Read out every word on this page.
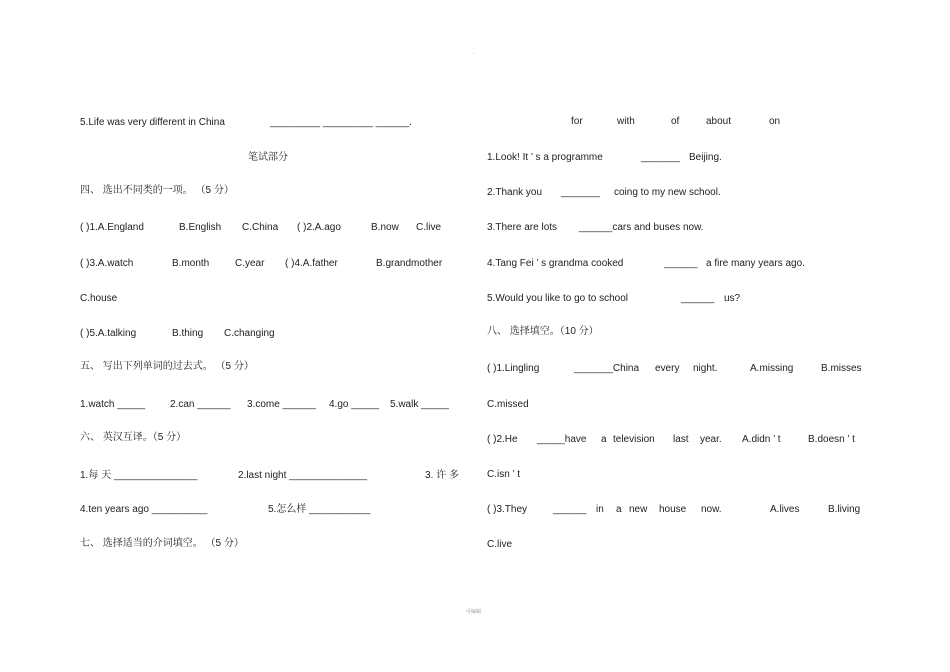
.
5.Life was very different in China	_________ _________ ______.
笔试部分
四、 选出不同类的一项。 （5 分）
( )1.A.England	B.English C.China ( )2.A.ago	B.now C.live
( )3.A.watch	B.month	C.year ( )4.A.father	B.grandmother
C.house
( )5.A.talking	B.thing C.changing
五、 写出下列单词的过去式。 （5 分）
1.watch _____ 2.can ______ 3.come ______ 4.go _____ 5.walk _____
六、 英汉互译。（5 分）
1.每 天 _______________	2.last night ______________	3. 许 多
4.ten years ago __________	5.怎么样 ___________
七、 选择适当的介词填空。 （5 分）
for	with	of	about	on
1.Look! It ’ s a programme	_______ Beijing.
2.Thank you _______ coing to my new school.
3.There are lots ______cars and buses now.
4.Tang Fei ’ s grandma cooked	______ a fire many years ago.
5.Would you like to go to school	______ us?
八、 选择填空。（10 分）
( )1.Lingling	_______China every night.	A.missing	B.misses
C.missed
( )2.He _____have a television last year. A.didn ’ t	B.doesn ’ t
C.isn ’ t
( )3.They	______ in a new house now.	A.lives	B.living
C.live
可编辑
